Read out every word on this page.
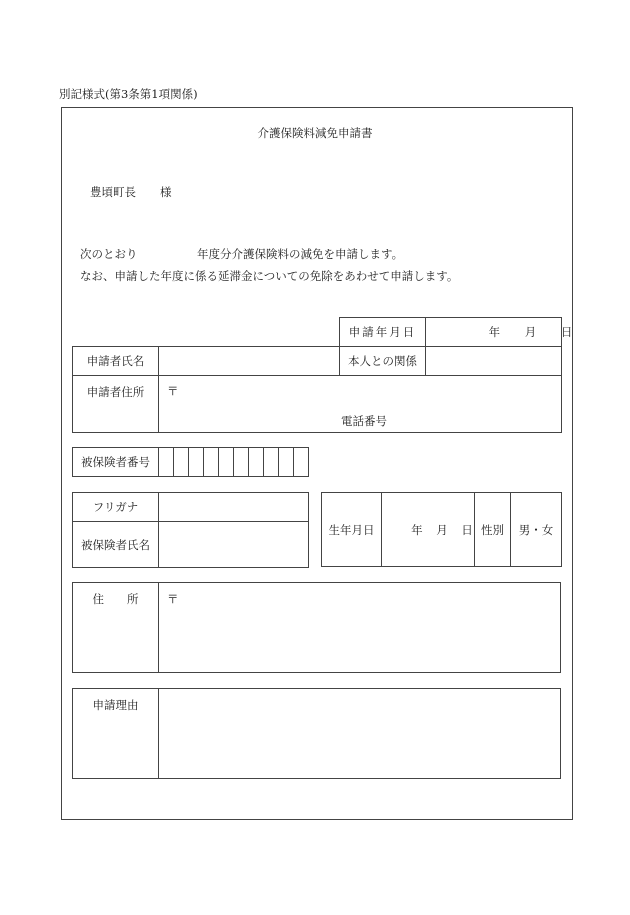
別記様式(第3条第1項関係)
介護保険料減免申請書
豊頃町長 様
次のとおり	年度分介護保険料の減免を申請します。
なお、申請した年度に係る延滞金についての免除をあわせて申請します。
		申請年月日	年 月 日
申請者氏名		本人との関係	
申請者住所	〒
電話番号		
被保険者番号										
フリガナ	
被保険者氏名	
生年月日	年 月 日	性別	男・女
住　　所	〒
申請理由	
